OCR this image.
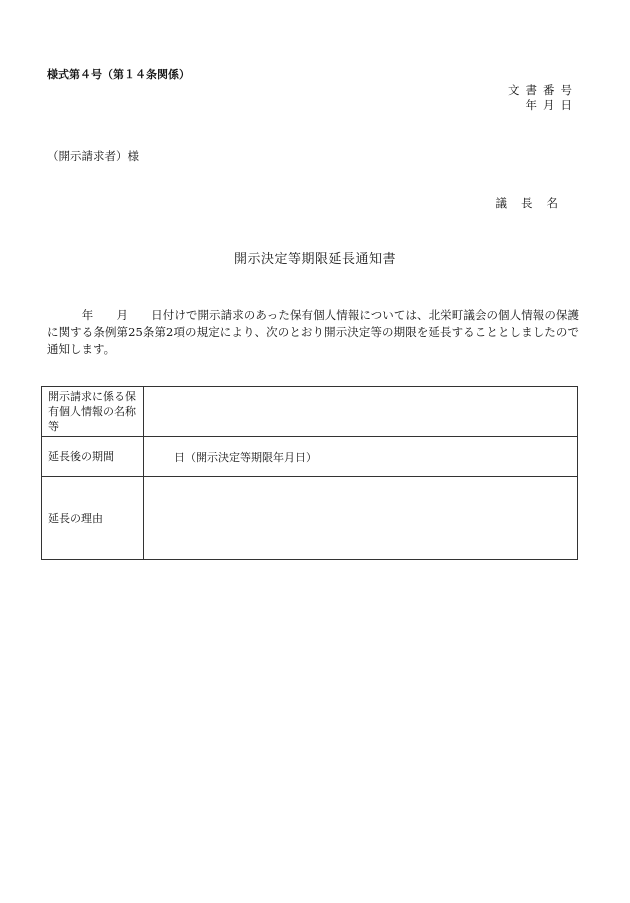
様式第４号（第１４条関係）
文書番号
年月日
（開示請求者）様
議長名
開示決定等期限延長通知書
　　　年　　月　　日付けで開示請求のあった保有個人情報については、北栄町議会の個人情報の保護に関する条例第25条第2項の規定により、次のとおり開示決定等の期限を延長することとしましたので通知します。
開示請求に係る保有個人情報の名称等	
延長後の期間	日（開示決定等期限年月日）
延長の理由	
